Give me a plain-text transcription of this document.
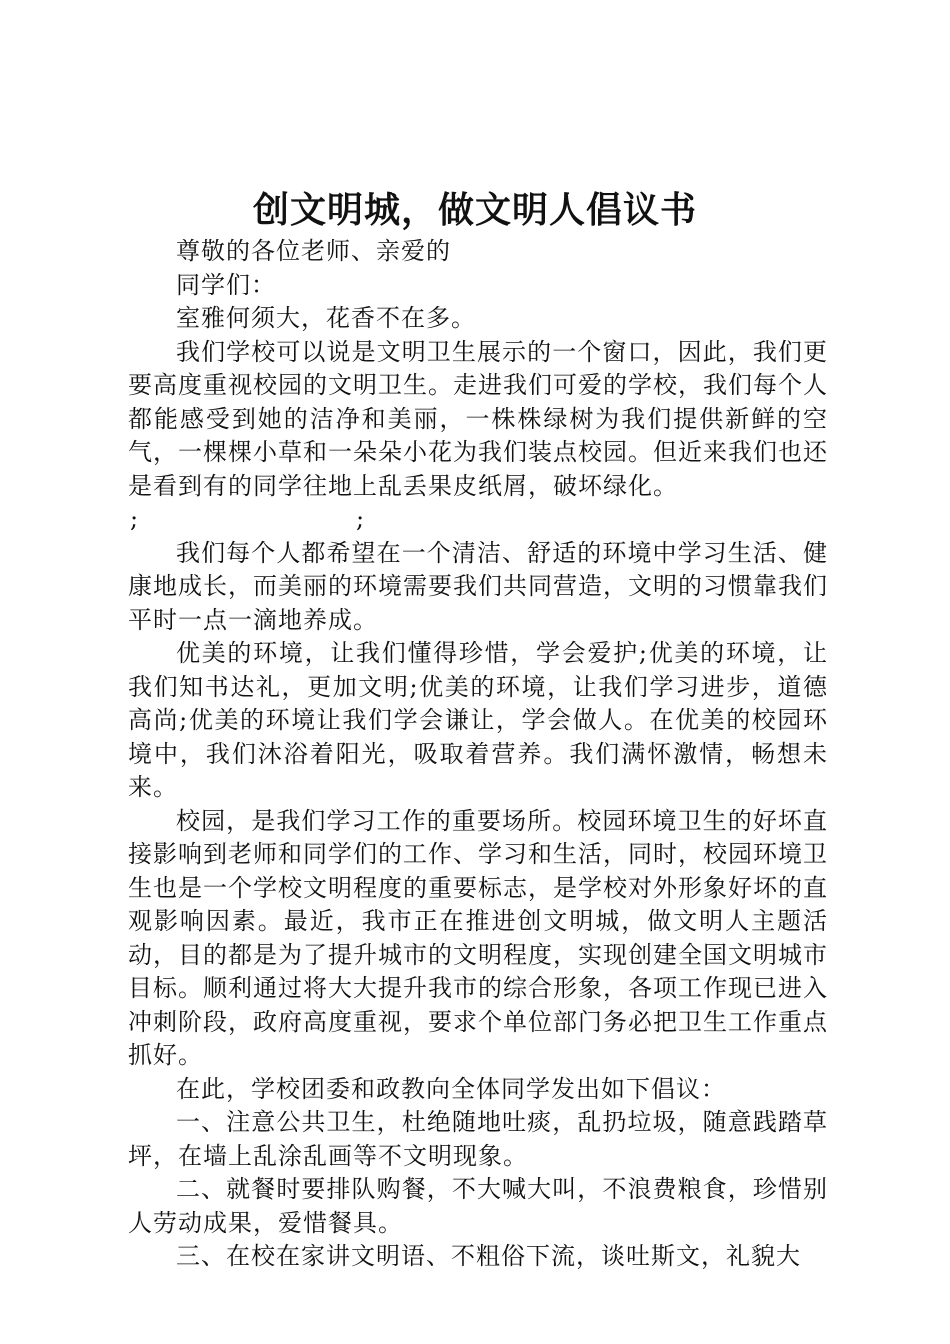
创文明城，做文明人倡议书

尊敬的各位老师、亲爱的

同学们：

室雅何须大，花香不在多。

我们学校可以说是文明卫生展示的一个窗口，因此，我们更要高度重视校园的文明卫生。走进我们可爱的学校，我们每个人都能感受到她的洁净和美丽，一株株绿树为我们提供新鲜的空气，一棵棵小草和一朵朵小花为我们装点校园。但近来我们也还是看到有的同学往地上乱丢果皮纸屑，破坏绿化。

;	;

我们每个人都希望在一个清洁、舒适的环境中学习生活、健康地成长，而美丽的环境需要我们共同营造，文明的习惯靠我们平时一点一滴地养成。

优美的环境，让我们懂得珍惜，学会爱护;优美的环境，让我们知书达礼，更加文明;优美的环境，让我们学习进步，道德高尚;优美的环境让我们学会谦让，学会做人。在优美的校园环境中，我们沐浴着阳光，吸取着营养。我们满怀激情，畅想未来。

校园，是我们学习工作的重要场所。校园环境卫生的好坏直接影响到老师和同学们的工作、学习和生活，同时，校园环境卫生也是一个学校文明程度的重要标志，是学校对外形象好坏的直观影响因素。最近，我市正在推进创文明城，做文明人主题活动，目的都是为了提升城市的文明程度，实现创建全国文明城市目标。顺利通过将大大提升我市的综合形象，各项工作现已进入冲刺阶段，政府高度重视，要求个单位部门务必把卫生工作重点抓好。

在此，学校团委和政教向全体同学发出如下倡议：

一、注意公共卫生，杜绝随地吐痰，乱扔垃圾，随意践踏草坪，在墙上乱涂乱画等不文明现象。

二、就餐时要排队购餐，不大喊大叫，不浪费粮食，珍惜别人劳动成果，爱惜餐具。

三、在校在家讲文明语、不粗俗下流，谈吐斯文，礼貌大
